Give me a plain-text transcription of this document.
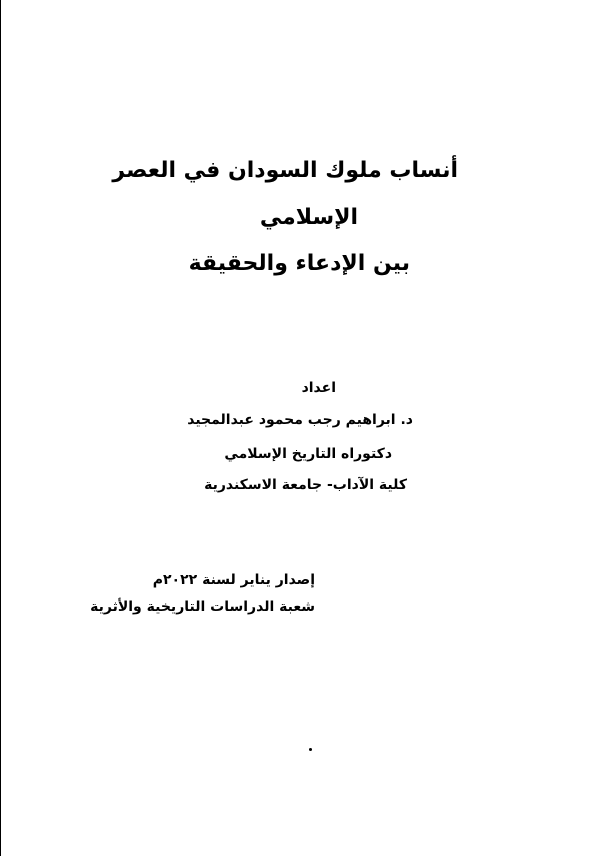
أنساب ملوك السودان في العصر
الإسلامي
بين الإدعاء والحقيقة
اعداد
د. ابراهيم رجب محمود عبدالمجيد
دكتوراه التاريخ الإسلامي
كلية الآداب- جامعة الاسكندرية
إصدار يناير لسنة ٢٠٢٢م
شعبة الدراسات التاريخية والأثرية
